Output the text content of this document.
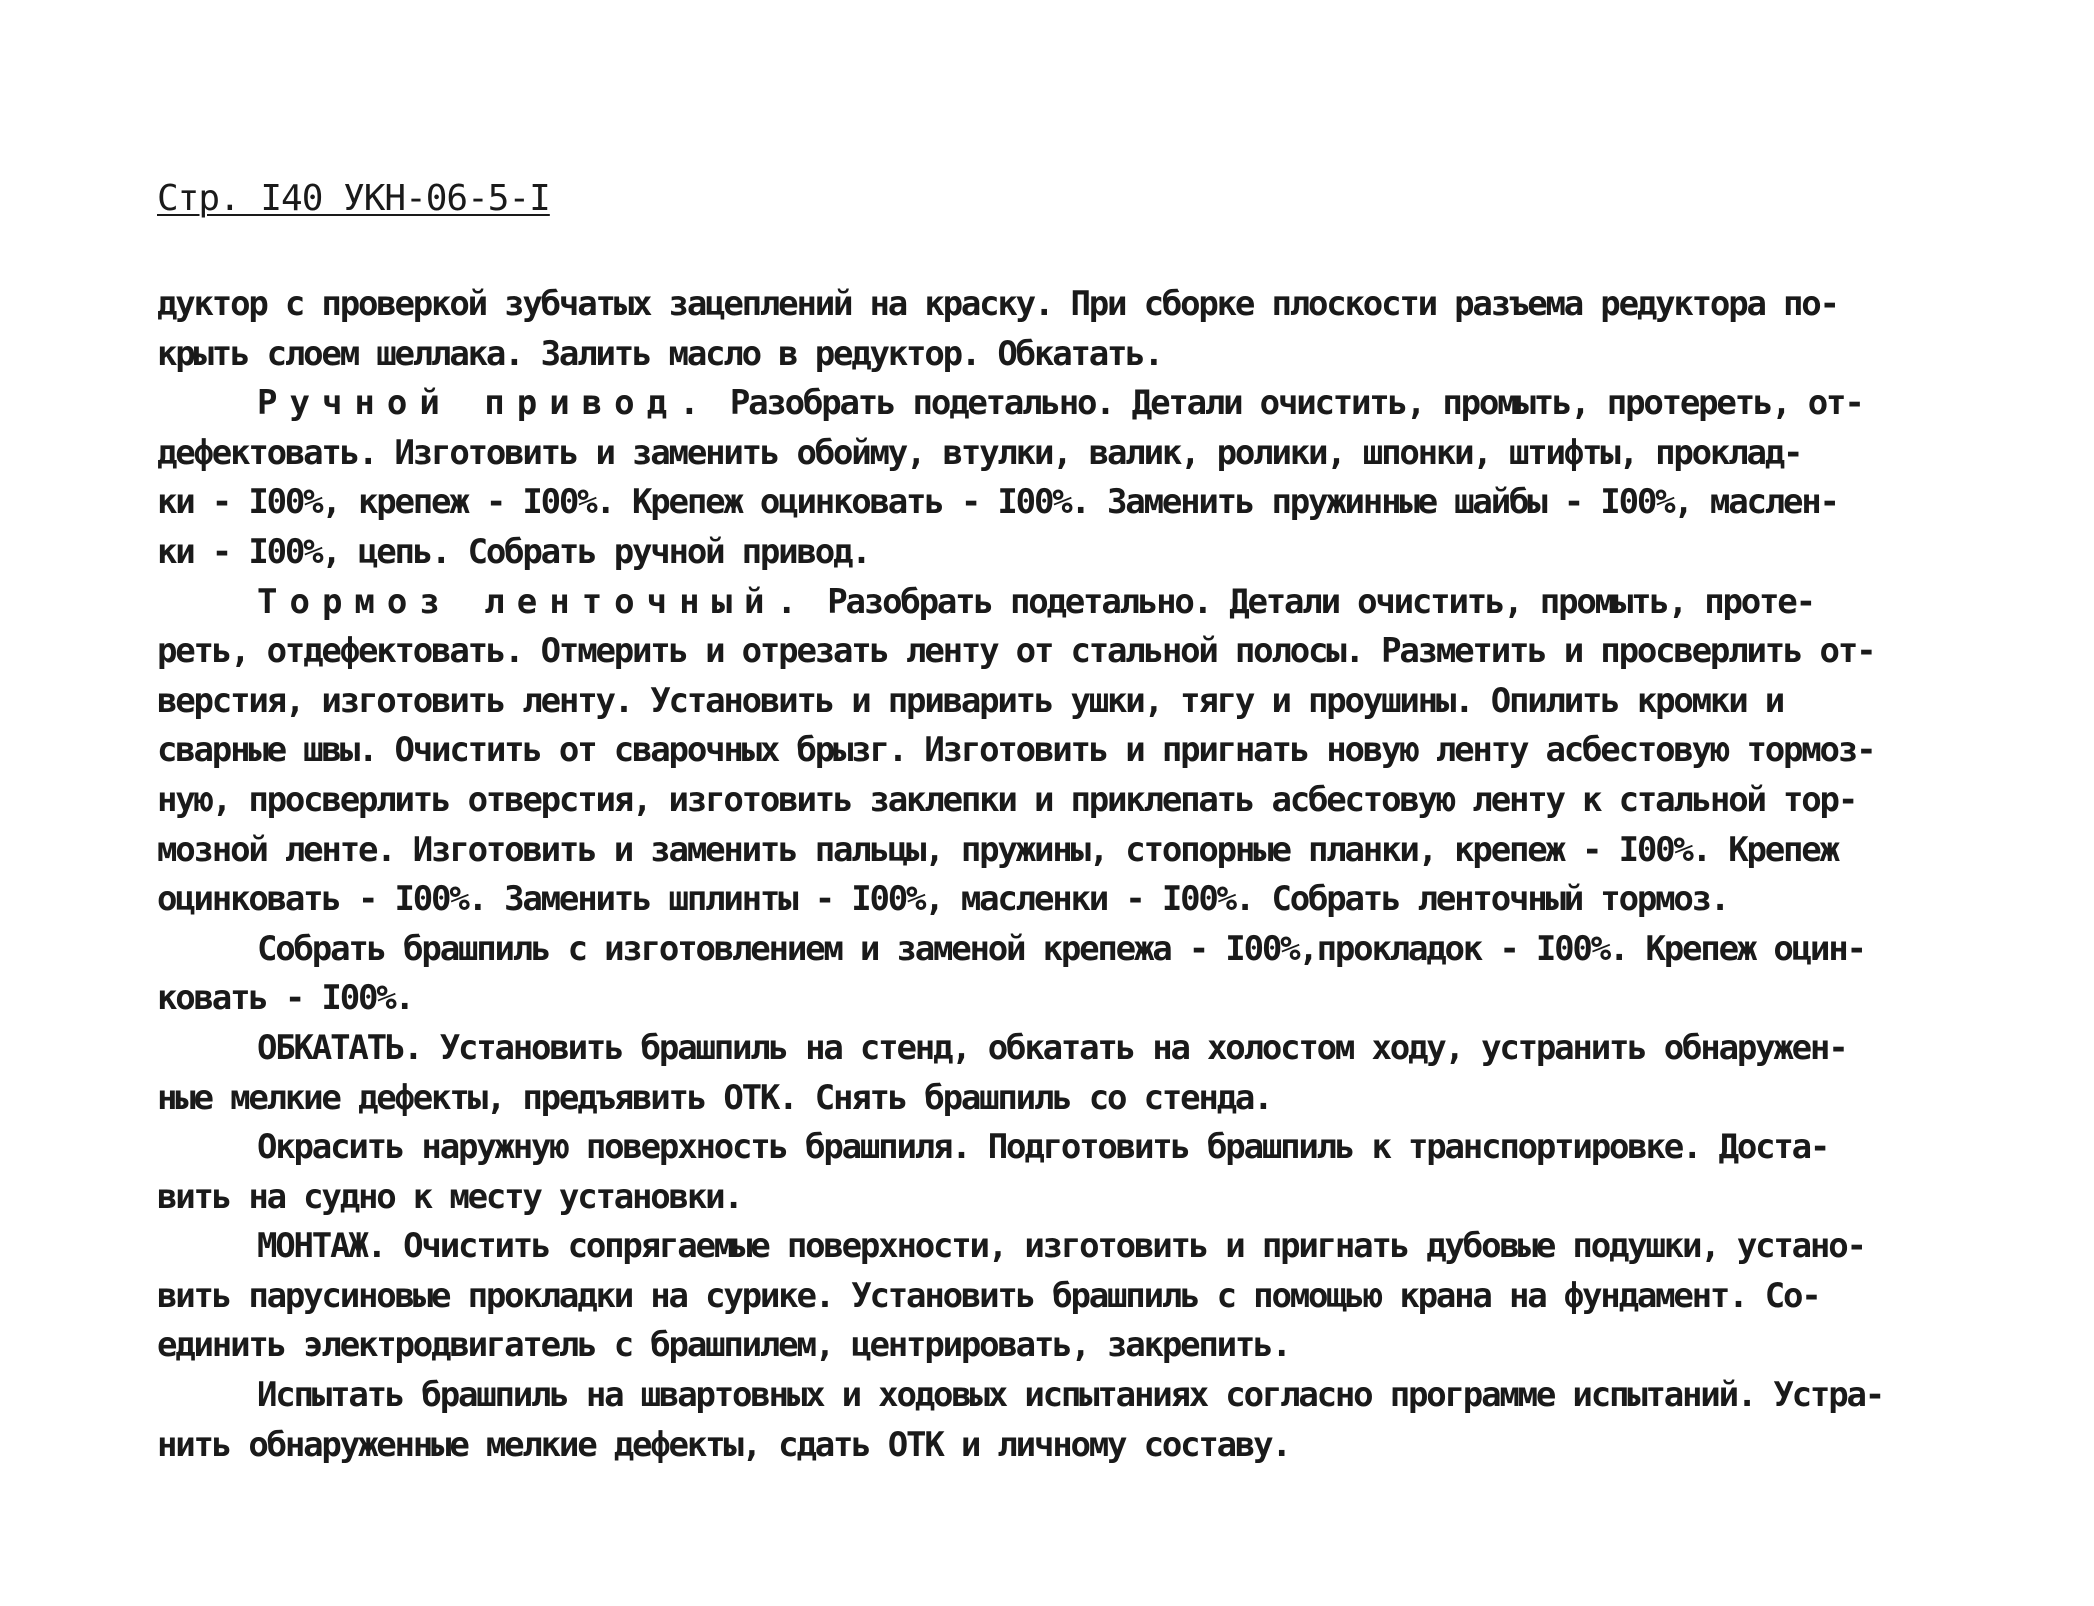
Стр. I40 УКН-06-5-I
дуктор с проверкой зубчатых зацеплений на краску. При сборке плоскости разъема редуктора по-
крыть слоем шеллака. Залить масло в редуктор. Обкатать.
Ручной привод. Разобрать подетально. Детали очистить, промыть, протереть, от-
дефектовать. Изготовить и заменить обойму, втулки, валик, ролики, шпонки, штифты, проклад-
ки - I00%, крепеж - I00%. Крепеж оцинковать - I00%. Заменить пружинные шайбы - I00%, маслен-
ки - I00%, цепь. Собрать ручной привод.
Тормоз ленточный. Разобрать подетально. Детали очистить, промыть, проте-
реть, отдефектовать. Отмерить и отрезать ленту от стальной полосы. Разметить и просверлить от-
верстия, изготовить ленту. Установить и приварить ушки, тягу и проушины. Опилить кромки и
сварные швы. Очистить от сварочных брызг. Изготовить и пригнать новую ленту асбестовую тормоз-
ную, просверлить отверстия, изготовить заклепки и приклепать асбестовую ленту к стальной тор-
мозной ленте. Изготовить и заменить пальцы, пружины, стопорные планки, крепеж - I00%. Крепеж
оцинковать - I00%. Заменить шплинты - I00%, масленки - I00%. Собрать ленточный тормоз.
Собрать брашпиль с изготовлением и заменой крепежа - I00%,прокладок - I00%. Крепеж оцин-
ковать - I00%.
ОБКАТАТЬ. Установить брашпиль на стенд, обкатать на холостом ходу, устранить обнаружен-
ные мелкие дефекты, предъявить ОТК. Снять брашпиль со стенда.
Окрасить наружную поверхность брашпиля. Подготовить брашпиль к транспортировке. Доста-
вить на судно к месту установки.
МОНТАЖ. Очистить сопрягаемые поверхности, изготовить и пригнать дубовые подушки, устано-
вить парусиновые прокладки на сурике. Установить брашпиль с помощью крана на фундамент. Со-
единить электродвигатель с брашпилем, центрировать, закрепить.
Испытать брашпиль на швартовных и ходовых испытаниях согласно программе испытаний. Устра-
нить обнаруженные мелкие дефекты, сдать ОТК и личному составу.
